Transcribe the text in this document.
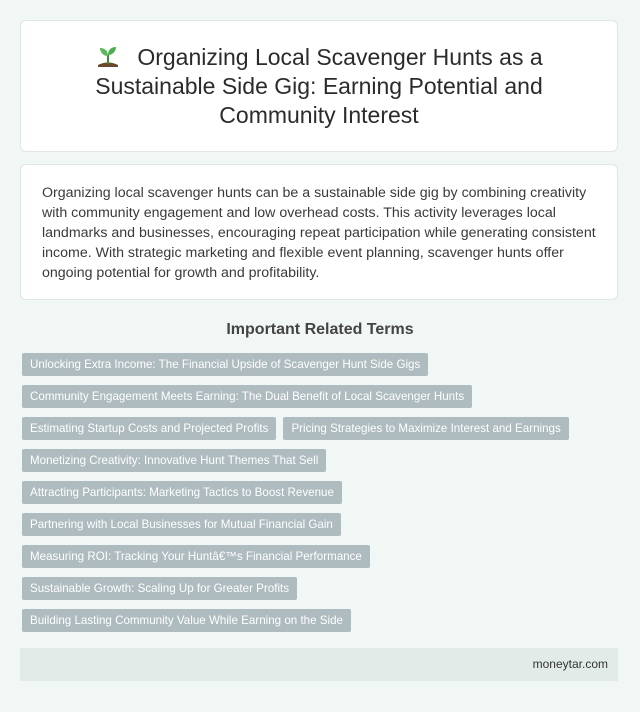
Organizing Local Scavenger Hunts as a Sustainable Side Gig: Earning Potential and Community Interest

Organizing local scavenger hunts can be a sustainable side gig by combining creativity with community engagement and low overhead costs. This activity leverages local landmarks and businesses, encouraging repeat participation while generating consistent income. With strategic marketing and flexible event planning, scavenger hunts offer ongoing potential for growth and profitability.

Important Related Terms
Unlocking Extra Income: The Financial Upside of Scavenger Hunt Side Gigs
Community Engagement Meets Earning: The Dual Benefit of Local Scavenger Hunts
Estimating Startup Costs and Projected Profits	Pricing Strategies to Maximize Interest and Earnings
Monetizing Creativity: Innovative Hunt Themes That Sell
Attracting Participants: Marketing Tactics to Boost Revenue
Partnering with Local Businesses for Mutual Financial Gain
Measuring ROI: Tracking Your Huntâ€™s Financial Performance
Sustainable Growth: Scaling Up for Greater Profits
Building Lasting Community Value While Earning on the Side
moneytar.com
